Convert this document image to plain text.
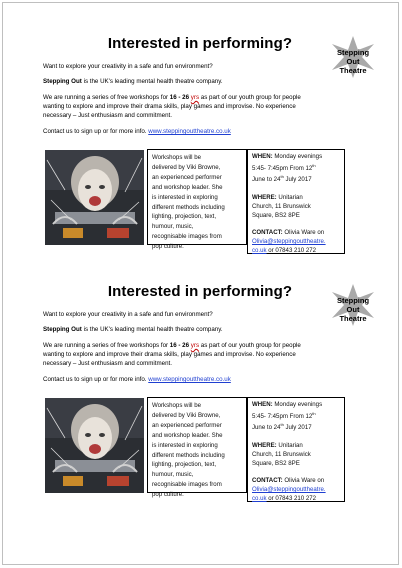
Interested in performing?
Stepping Out
Theatre
Want to explore your creativity in a safe and fun environment?
Stepping Out is the UK's leading mental health theatre company.
We are running a series of free workshops for 16 - 26 yrs as part of our youth group for people
wanting to explore and improve their drama skills, play games and improvise. No experience
necessary – Just enthusiasm and commitment.
Contact us to sign up or for more info. www.steppingouttheatre.co.uk
Workshops will be
delivered by Viki Browne,
an experienced performer
and workshop leader. She
is interested in exploring
different methods including
lighting, projection, text,
humour, music,
recognisable images from
pop culture.
WHEN: Monday evenings
5:45- 7:45pm From 12th
June to 24th July 2017
WHERE: Unitarian
Church, 11 Brunswick
Square, BS2 8PE
CONTACT: Olivia Ware on
Olivia@steppingouttheatre.
co.uk or 07843 210 272
Interested in performing?
Stepping Out
Theatre
Want to explore your creativity in a safe and fun environment?
Stepping Out is the UK's leading mental health theatre company.
We are running a series of free workshops for 16 - 26 yrs as part of our youth group for people
wanting to explore and improve their drama skills, play games and improvise. No experience
necessary – Just enthusiasm and commitment.
Contact us to sign up or for more info. www.steppingouttheatre.co.uk
Workshops will be
delivered by Viki Browne,
an experienced performer
and workshop leader. She
is interested in exploring
different methods including
lighting, projection, text,
humour, music,
recognisable images from
pop culture.
WHEN: Monday evenings
5:45- 7:45pm From 12th
June to 24th July 2017
WHERE: Unitarian
Church, 11 Brunswick
Square, BS2 8PE
CONTACT: Olivia Ware on
Olivia@steppingouttheatre.
co.uk or 07843 210 272
